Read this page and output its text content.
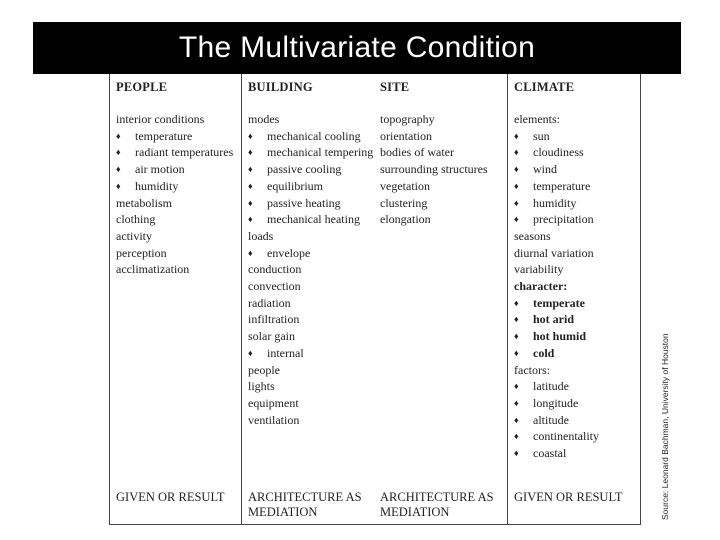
The Multivariate Condition
PEOPLE
interior conditions
♦ temperature
♦ radiant temperatures
♦ air motion
♦ humidity
metabolism
clothing
activity
perception
acclimatization
GIVEN OR RESULT
BUILDING
modes
♦ mechanical cooling
♦ mechanical tempering
♦ passive cooling
♦ equilibrium
♦ passive heating
♦ mechanical heating
loads
♦ envelope
conduction
convection
radiation
infiltration
solar gain
♦ internal
people
lights
equipment
ventilation
ARCHITECTURE AS
MEDIATION
SITE
topography
orientation
bodies of water
surrounding structures
vegetation
clustering
elongation
ARCHITECTURE AS
MEDIATION
CLIMATE
elements:
♦ sun
♦ cloudiness
♦ wind
♦ temperature
♦ humidity
♦ precipitation
seasons
diurnal variation
variability
character:
♦ temperate
♦ hot arid
♦ hot humid
♦ cold
factors:
♦ latitude
♦ longitude
♦ altitude
♦ continentality
♦ coastal
GIVEN OR RESULT	Source: Leonard Bachman, University of Houston
